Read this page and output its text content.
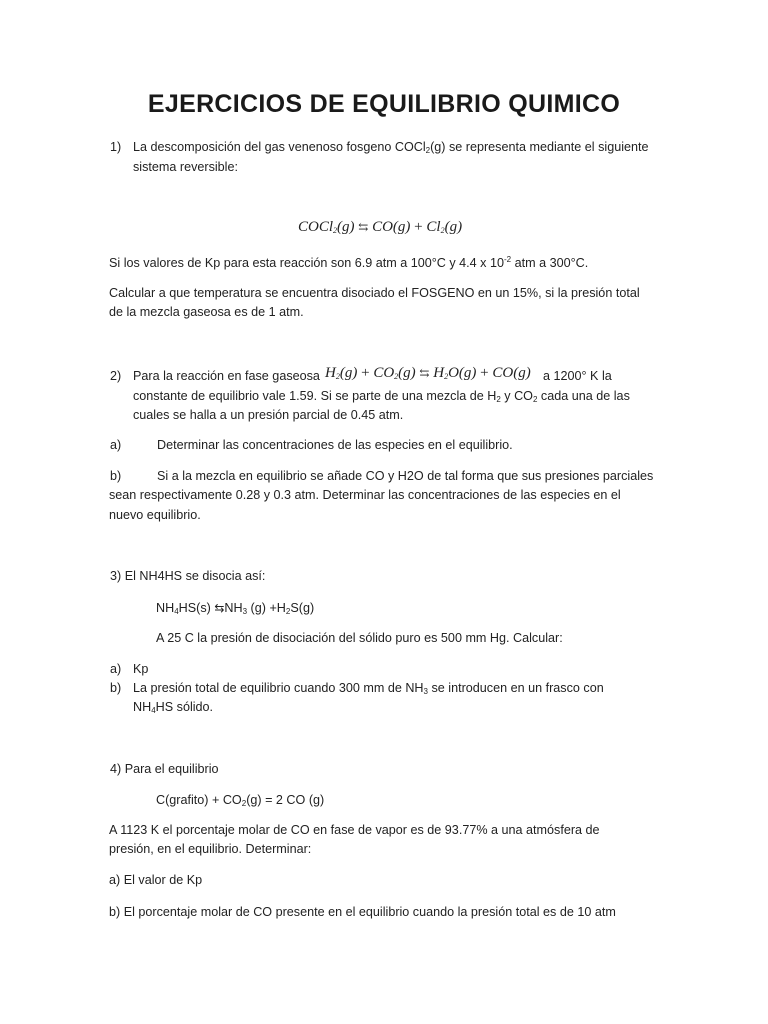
EJERCICIOS DE EQUILIBRIO QUIMICO
1) La descomposición del gas venenoso fosgeno COCl$_2$(g) se representa mediante el siguiente
sistema reversible:
COCl$_2$(g) ⇆ $CO(g) + Cl_2(g)$
Si los valores de Kp para esta reacción son 6.9 atm a 100°C y 4.4 x $10^{-2}$ atm a 300°C.
Calcular a que temperatura se encuentra disociado el FOSGENO en un 15%, si la presión total
de la mezcla gaseosa es de 1 atm.
2) Para la reacción en fase gaseosa $H_2(g) + CO_2(g)$ ⇆ $H_2O(g) + CO(g)$ a 1200° K la
constante de equilibrio vale 1.59. Si se parte de una mezcla de $H_2$ y $CO_2$ cada una de las
cuales se halla a un presión parcial de 0.45 atm.
a)	Determinar las concentraciones de las especies en el equilibrio.
b)	Si a la mezcla en equilibrio se añade CO y H2O de tal forma que sus presiones parciales
sean respectivamente 0.28 y 0.3 atm. Determinar las concentraciones de las especies en el
nuevo equilibrio.
3) El NH4HS se disocia así:
$NH_4HS(s)$ $⇆NH_3$ $(g) +H_2S(g)$
A 25 C la presión de disociación del sólido puro es 500 mm Hg. Calcular:
a) Kp
b) La presión total de equilibrio cuando 300 mm de $NH_3$ se introducen en un frasco con
$NH_4HS$ sólido.
4) Para el equilibrio
C(grafito) + $CO_2(g) = 2$ CO (g)
A 1123 K el porcentaje molar de CO en fase de vapor es de 93.77% a una atmósfera de
presión, en el equilibrio. Determinar:
a) El valor de Kp
b) El porcentaje molar de CO presente en el equilibrio cuando la presión total es de 10 atm
